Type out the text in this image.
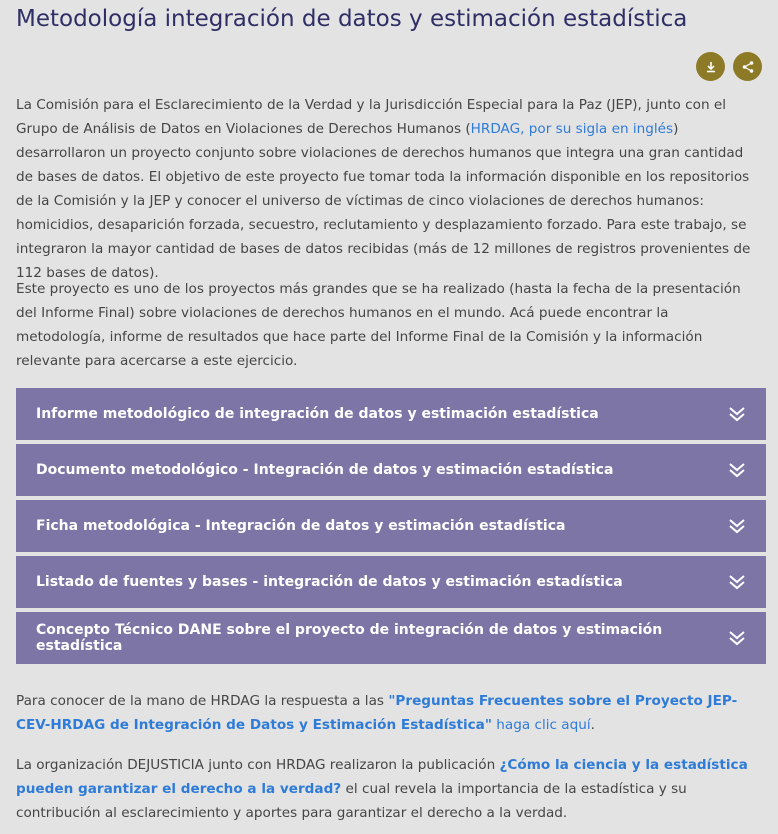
Metodología integración de datos y estimación estadística

La Comisión para el Esclarecimiento de la Verdad y la Jurisdicción Especial para la Paz (JEP), junto con el Grupo de Análisis de Datos en Violaciones de Derechos Humanos (HRDAG, por su sigla en inglés) desarrollaron un proyecto conjunto sobre violaciones de derechos humanos que integra una gran cantidad de bases de datos. El objetivo de este proyecto fue tomar toda la información disponible en los repositorios de la Comisión y la JEP y conocer el universo de víctimas de cinco violaciones de derechos humanos: homicidios, desaparición forzada, secuestro, reclutamiento y desplazamiento forzado. Para este trabajo, se integraron la mayor cantidad de bases de datos recibidas (más de 12 millones de registros provenientes de 112 bases de datos).

Este proyecto es uno de los proyectos más grandes que se ha realizado (hasta la fecha de la presentación del Informe Final) sobre violaciones de derechos humanos en el mundo. Acá puede encontrar la metodología, informe de resultados que hace parte del Informe Final de la Comisión y la información relevante para acercarse a este ejercicio.

Informe metodológico de integración de datos y estimación estadística
Documento metodológico - Integración de datos y estimación estadística
Ficha metodológica - Integración de datos y estimación estadística
Listado de fuentes y bases - integración de datos y estimación estadística
Concepto Técnico DANE sobre el proyecto de integración de datos y estimación estadística

Para conocer de la mano de HRDAG la respuesta a las "Preguntas Frecuentes sobre el Proyecto JEP-CEV-HRDAG de Integración de Datos y Estimación Estadística" haga clic aquí.

La organización DEJUSTICIA junto con HRDAG realizaron la publicación ¿Cómo la ciencia y la estadística pueden garantizar el derecho a la verdad? el cual revela la importancia de la estadística y su contribución al esclarecimiento y aportes para garantizar el derecho a la verdad.
